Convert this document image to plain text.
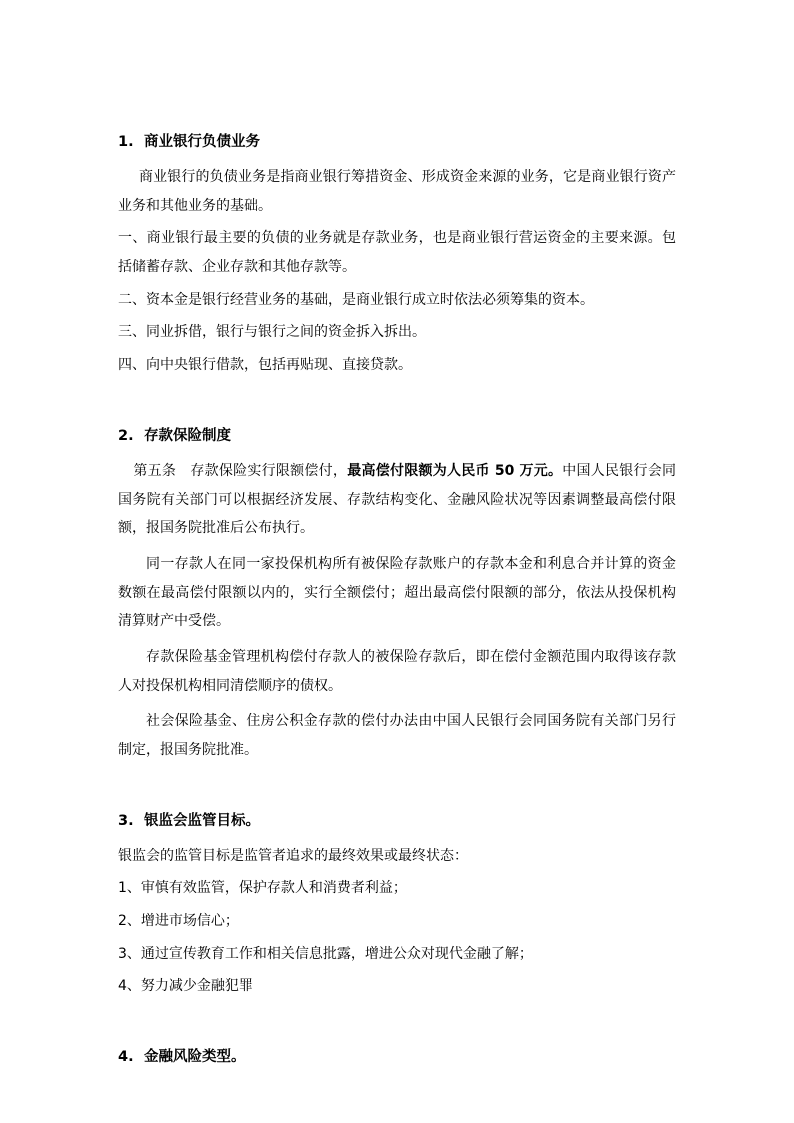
1. 商业银行负债业务

商业银行的负债业务是指商业银行筹措资金、形成资金来源的业务，它是商业银行资产业务和其他业务的基础。

一、商业银行最主要的负债的业务就是存款业务，也是商业银行营运资金的主要来源。包括储蓄存款、企业存款和其他存款等。

二、资本金是银行经营业务的基础，是商业银行成立时依法必须筹集的资本。

三、同业拆借，银行与银行之间的资金拆入拆出。

四、向中央银行借款，包括再贴现、直接贷款。

2. 存款保险制度

第五条　存款保险实行限额偿付，最高偿付限额为人民币 50 万元。中国人民银行会同国务院有关部门可以根据经济发展、存款结构变化、金融风险状况等因素调整最高偿付限额，报国务院批准后公布执行。

同一存款人在同一家投保机构所有被保险存款账户的存款本金和利息合并计算的资金数额在最高偿付限额以内的，实行全额偿付；超出最高偿付限额的部分，依法从投保机构清算财产中受偿。

存款保险基金管理机构偿付存款人的被保险存款后，即在偿付金额范围内取得该存款人对投保机构相同清偿顺序的债权。

社会保险基金、住房公积金存款的偿付办法由中国人民银行会同国务院有关部门另行制定，报国务院批准。

3. 银监会监管目标。

银监会的监管目标是监管者追求的最终效果或最终状态：

1、审慎有效监管，保护存款人和消费者利益；

2、增进市场信心；

3、通过宣传教育工作和相关信息批露，增进公众对现代金融了解；

4、努力减少金融犯罪

4. 金融风险类型。
